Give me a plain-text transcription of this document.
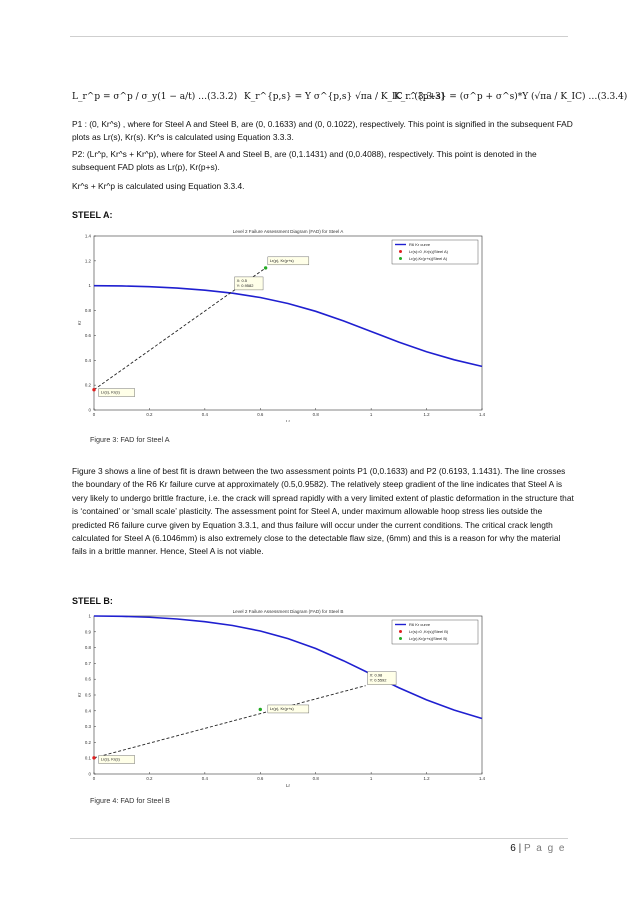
L_r^p = σ^p / σ_y(1 − a/t) …(3.3.2) K_r^{p,s} = Y σ^{p,s} √πa / K_IC …(3.3.3)
K_r^{p+s} = (σ^p + σ^s)*Y (√πa / K_IC) …(3.3.4)

P1 : (0, Kr^s) , where for Steel A and Steel B, are (0, 0.1633) and (0, 0.1022), respectively. This point is signified in the subsequent FAD plots as Lr(s), Kr(s). Kr^s is calculated using Equation 3.3.3.

P2: (Lr^p, Kr^s + Kr^p), where for Steel A and Steel B, are (0,1.1431) and (0,0.4088), respectively. This point is denoted in the subsequent FAD plots as Lr(p), Kr(p+s).

Kr^s + Kr^p is calculated using Equation 3.3.4.

STEEL A:
Level 2 Failure Assessment Diagram (FAD) for Steel A
0	0.2	0.4	0.6	0.8	1	1.2	1.4
0
0.2
0.4
0.6
0.8
1
1.2
1.4
Lr
Kr
Lr(p), Kr(p+s)
Lr(s), Kr(s)
X: 0.5
Y: 0.9582
R6 Kr curve
Lr(s)=0 ,Kr(s)(Steel A)
Lr(p),Kr(p+s)(Steel A)
Figure 3: FAD for Steel A

Figure 3 shows a line of best fit is drawn between the two assessment points P1 (0,0.1633) and P2 (0.6193, 1.1431). The line crosses the boundary of the R6 Kr failure curve at approximately (0.5,0.9582). The relatively steep gradient of the line indicates that Steel A is very likely to undergo brittle fracture, i.e. the crack will spread rapidly with a very limited extent of plastic deformation in the structure that is ‘contained’ or ‘small scale’ plasticity. The assessment point for Steel A, under maximum allowable hoop stress lies outside the predicted R6 failure curve given by Equation 3.3.1, and thus failure will occur under the current conditions. The critical crack length calculated for Steel A (6.1046mm) is also extremely close to the detectable flaw size, (6mm) and this is a reason for why the material fails in a brittle manner. Hence, Steel A is not viable.

STEEL B:
Level 2 Failure Assessment Diagram (FAD) for Steel B
0	0.2	0.4	0.6	0.8	1	1.2	1.4
0
0.1
0.2
0.3
0.4
0.5
0.6
0.7
0.8
0.9
1
Lr
Kr
Lr(p), Kr(p+s)
Lr(s), Kr(s)
X: 0.98
Y: 0.5592
R6 Kr curve
Lr(s)=0 ,Kr(s)(Steel B)
Lr(p),Kr(p+s)(Steel B)
Figure 4: FAD for Steel B
6 | P a g e
